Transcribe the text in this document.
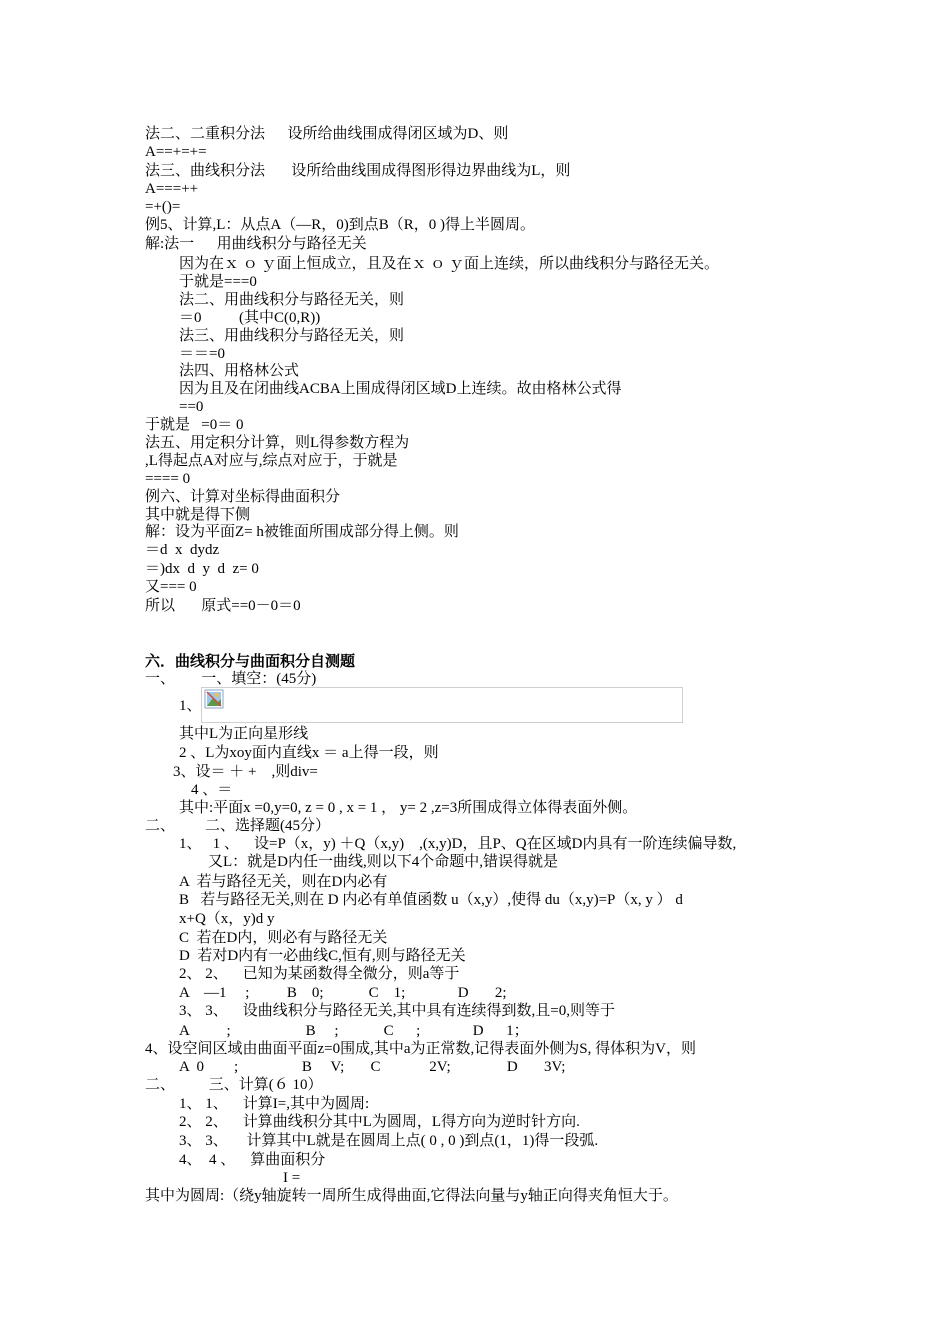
法二、二重积分法      设所给曲线围成得闭区域为D、则
A==+=+=
法三、曲线积分法       设所给曲线围成得图形得边界曲线为L，则
A===++
=+()=
例5、计算,L：从点A（—R，0)到点B（R，0 )得上半圆周。
解:法一      用曲线积分与路径无关
因为在ｘ ｏ ｙ面上恒成立，且及在ｘ ｏ ｙ面上连续，所以曲线积分与路径无关。
于就是===0
法二、用曲线积分与路径无关，则
＝0          (其中C(0,R))
法三、用曲线积分与路径无关，则
＝＝=0
法四、用格林公式
因为且及在闭曲线ACBA上围成得闭区域D上连续。故由格林公式得
==0
于就是   =0＝ 0
法五、用定积分计算，则L得参数方程为
,L得起点A对应与,综点对应于，于就是
==== 0
例六、计算对坐标得曲面积分
其中就是得下侧
解：设为平面Z= h被锥面所围成部分得上侧。则
＝d  x  dydz
＝)dx  d  y  d  z= 0
又=== 0
所以       原式==0－0＝0
六．曲线积分与曲面积分自测题
一、       一、填空：(45分)
1、
其中L为正向星形线
2 、L为xoy面内直线x ＝ a上得一段，则
3、设＝ ＋ +    ,则div=
4 、＝
其中:平面x =0,y=0, z = 0 , x = 1 ， y= 2 ,z=3所围成得立体得表面外侧。
二、        二、选择题(45分）
1、   1 、    设=P（x，y) ＋Q（x,y)    ,(x,y)D，且P、Q在区域D内具有一阶连续偏导数,
又L：就是D内任一曲线,则以下4个命题中,错误得就是
A  若与路径无关，则在D内必有
B   若与路径无关,则在 D 内必有单值函数 u（x,y）,使得 du（x,y)=P（x, y ） d
x+Q（x，y)d y
C  若在D内，则必有与路径无关
D  若对D内有一必曲线C,恒有,则与路径无关
2、 2、    已知为某函数得全微分，则a等于
A    —1     ;          B    0;            C    1;              D       2;
3、 3、    设曲线积分与路径无关,其中具有连续得到数,且=0,则等于
A          ;                    B     ;            C      ;              D      1；
4、设空间区域由曲面平面z=0围成,其中a为正常数,记得表面外侧为S, 得体积为V，则
A  0        ;                 B     V;       C             2V;               D       3V;
二、         三、计算(６ 10）
1、 1、    计算I=,其中为圆周:
2、 2、    计算曲线积分其中L为圆周，L得方向为逆时针方向.
3、 3、     计算其中L就是在圆周上点( 0 , 0 )到点(1，1)得一段弧.
4、  4 、    算曲面积分
I =
其中为圆周:（绕y轴旋转一周所生成得曲面,它得法向量与y轴正向得夹角恒大于。
